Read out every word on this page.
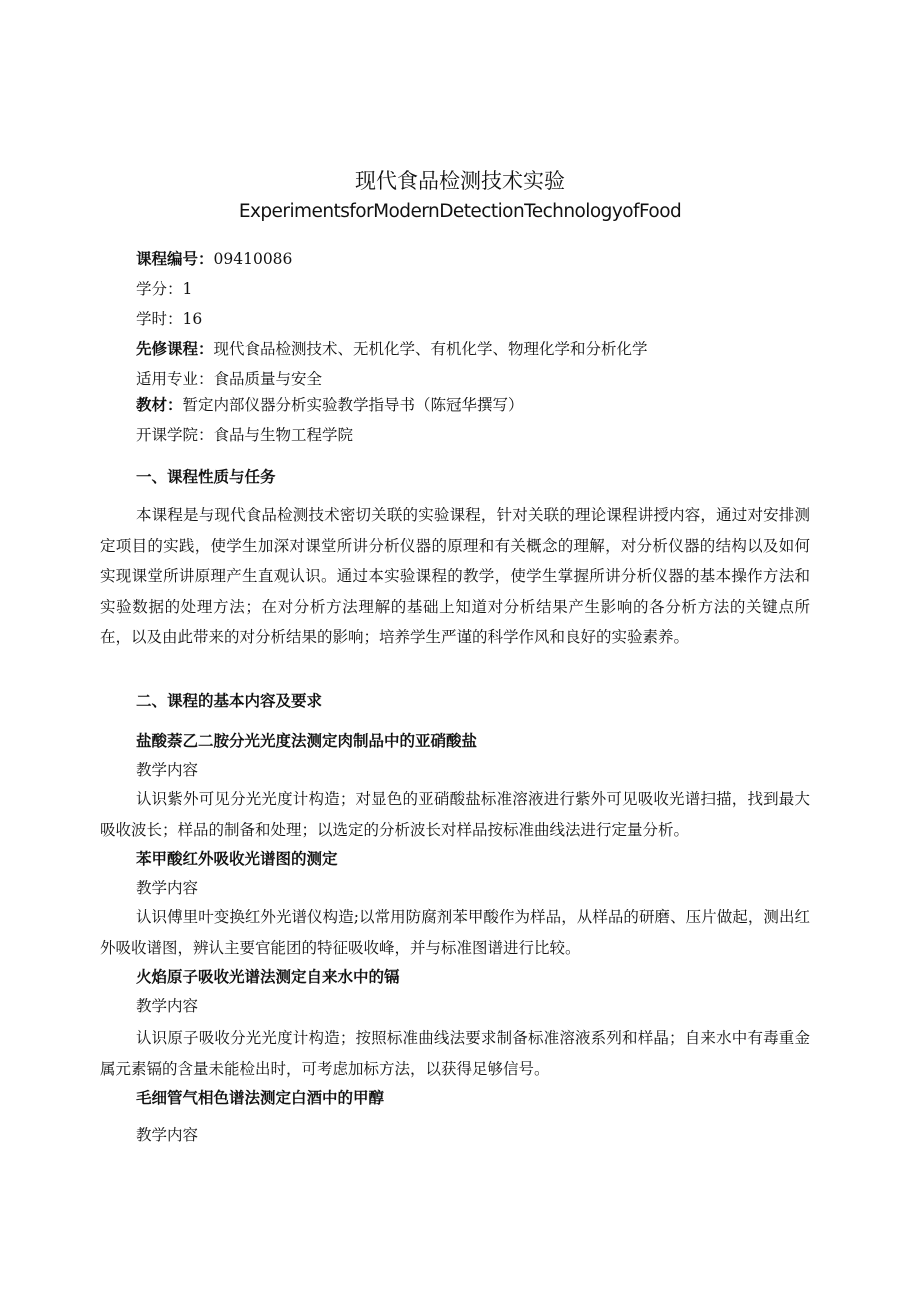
现代食品检测技术实验
ExperimentsforModernDetectionTechnologyofFood
课程编号：09410086
学分：1
学时：16
先修课程：现代食品检测技术、无机化学、有机化学、物理化学和分析化学
适用专业：食品质量与安全
教材：暂定内部仪器分析实验教学指导书（陈冠华撰写）
开课学院：食品与生物工程学院
一、课程性质与任务
本课程是与现代食品检测技术密切关联的实验课程，针对关联的理论课程讲授内容，通过对安排测定项目的实践，使学生加深对课堂所讲分析仪器的原理和有关概念的理解，对分析仪器的结构以及如何实现课堂所讲原理产生直观认识。通过本实验课程的教学，使学生掌握所讲分析仪器的基本操作方法和实验数据的处理方法；在对分析方法理解的基础上知道对分析结果产生影响的各分析方法的关键点所在，以及由此带来的对分析结果的影响；培养学生严谨的科学作风和良好的实验素养。
二、课程的基本内容及要求
盐酸萘乙二胺分光光度法测定肉制品中的亚硝酸盐
教学内容
认识紫外可见分光光度计构造；对显色的亚硝酸盐标准溶液进行紫外可见吸收光谱扫描，找到最大吸收波长；样品的制备和处理；以选定的分析波长对样品按标准曲线法进行定量分析。
苯甲酸红外吸收光谱图的测定
教学内容
认识傅里叶变换红外光谱仪构造;以常用防腐剂苯甲酸作为样品，从样品的研磨、压片做起，测出红外吸收谱图，辨认主要官能团的特征吸收峰，并与标准图谱进行比较。
火焰原子吸收光谱法测定自来水中的镉
教学内容
认识原子吸收分光光度计构造；按照标准曲线法要求制备标准溶液系列和样晶；自来水中有毒重金属元素镉的含量未能检出时，可考虑加标方法，以获得足够信号。
毛细管气相色谱法测定白酒中的甲醇
教学内容
